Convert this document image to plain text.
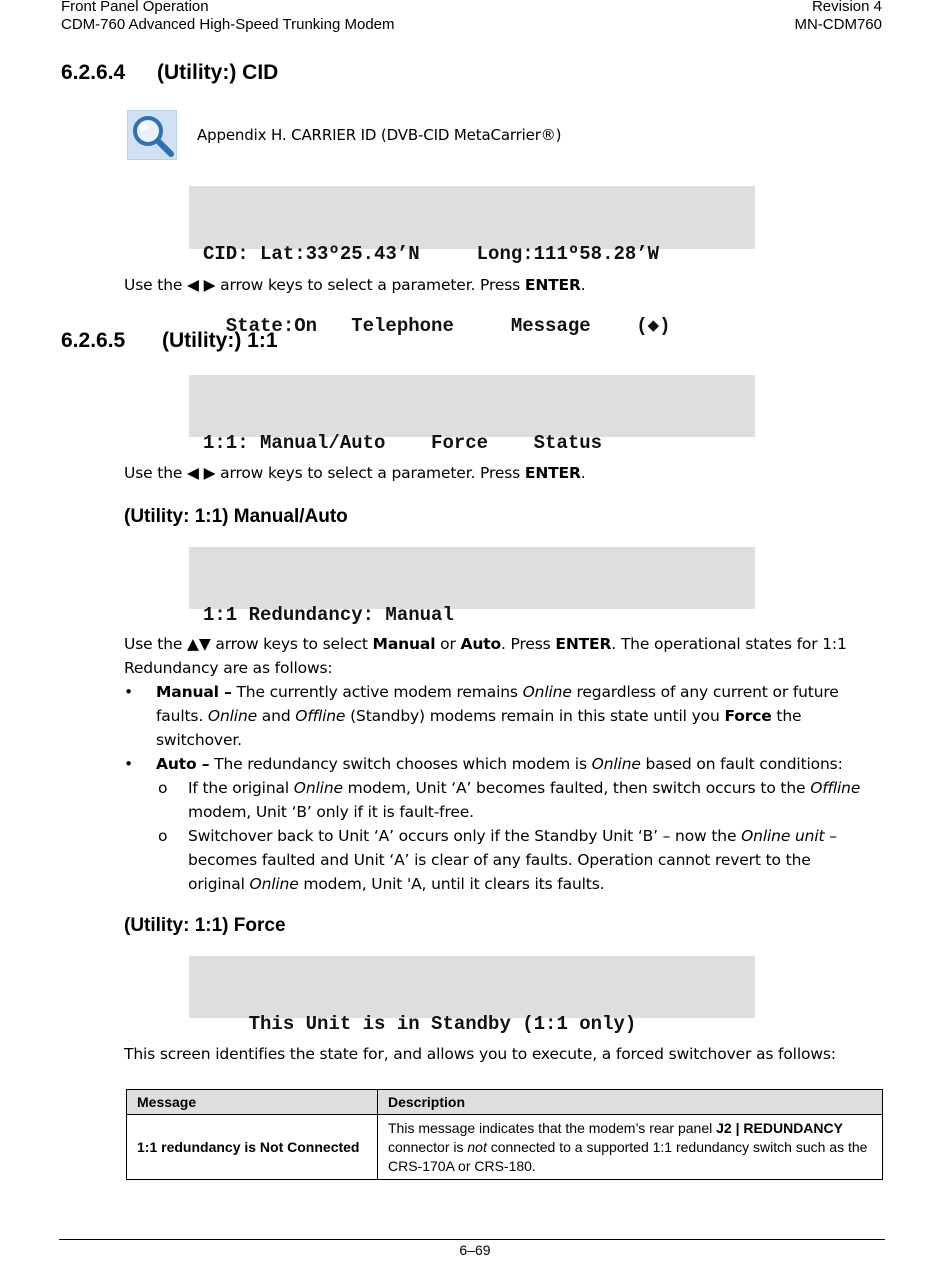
Front Panel Operation
CDM-760 Advanced High-Speed Trunking Modem
Revision 4
MN-CDM760
6.2.6.4 (Utility:) CID
Appendix H. CARRIER ID (DVB-CID MetaCarrier®)

CID: Lat:33º25.43’N     Long:111º58.28’W

State:On   Telephone     Message    (◆)

Use the ◀ ▶ arrow keys to select a parameter. Press ENTER.
6.2.6.5 (Utility:) 1:1

1:1: Manual/Auto    Force    Status

Use the ◀ ▶ arrow keys to select a parameter. Press ENTER.
(Utility: 1:1) Manual/Auto

1:1 Redundancy: Manual

Use the ▲▼ arrow keys to select Manual or Auto. Press ENTER. The operational states for 1:1
Redundancy are as follows:
• Manual – The currently active modem remains Online regardless of any current or future
faults. Online and Offline (Standby) modems remain in this state until you Force the
switchover.
• Auto – The redundancy switch chooses which modem is Online based on fault conditions:
o If the original Online modem, Unit ‘A’ becomes faulted, then switch occurs to the Offline
modem, Unit ‘B’ only if it is fault-free.
o Switchover back to Unit ‘A’ occurs only if the Standby Unit ‘B’ – now the Online unit –
becomes faulted and Unit ‘A’ is clear of any faults. Operation cannot revert to the
original Online modem, Unit 'A, until it clears its faults.
(Utility: 1:1) Force

This Unit is in Standby (1:1 only)

This screen identifies the state for, and allows you to execute, a forced switchover as follows:
Message	Description
1:1 redundancy is Not Connected	This message indicates that the modem’s rear panel J2 | REDUNDANCY connector is not connected to a supported 1:1 redundancy switch such as the CRS-170A or CRS-180.
6–69
